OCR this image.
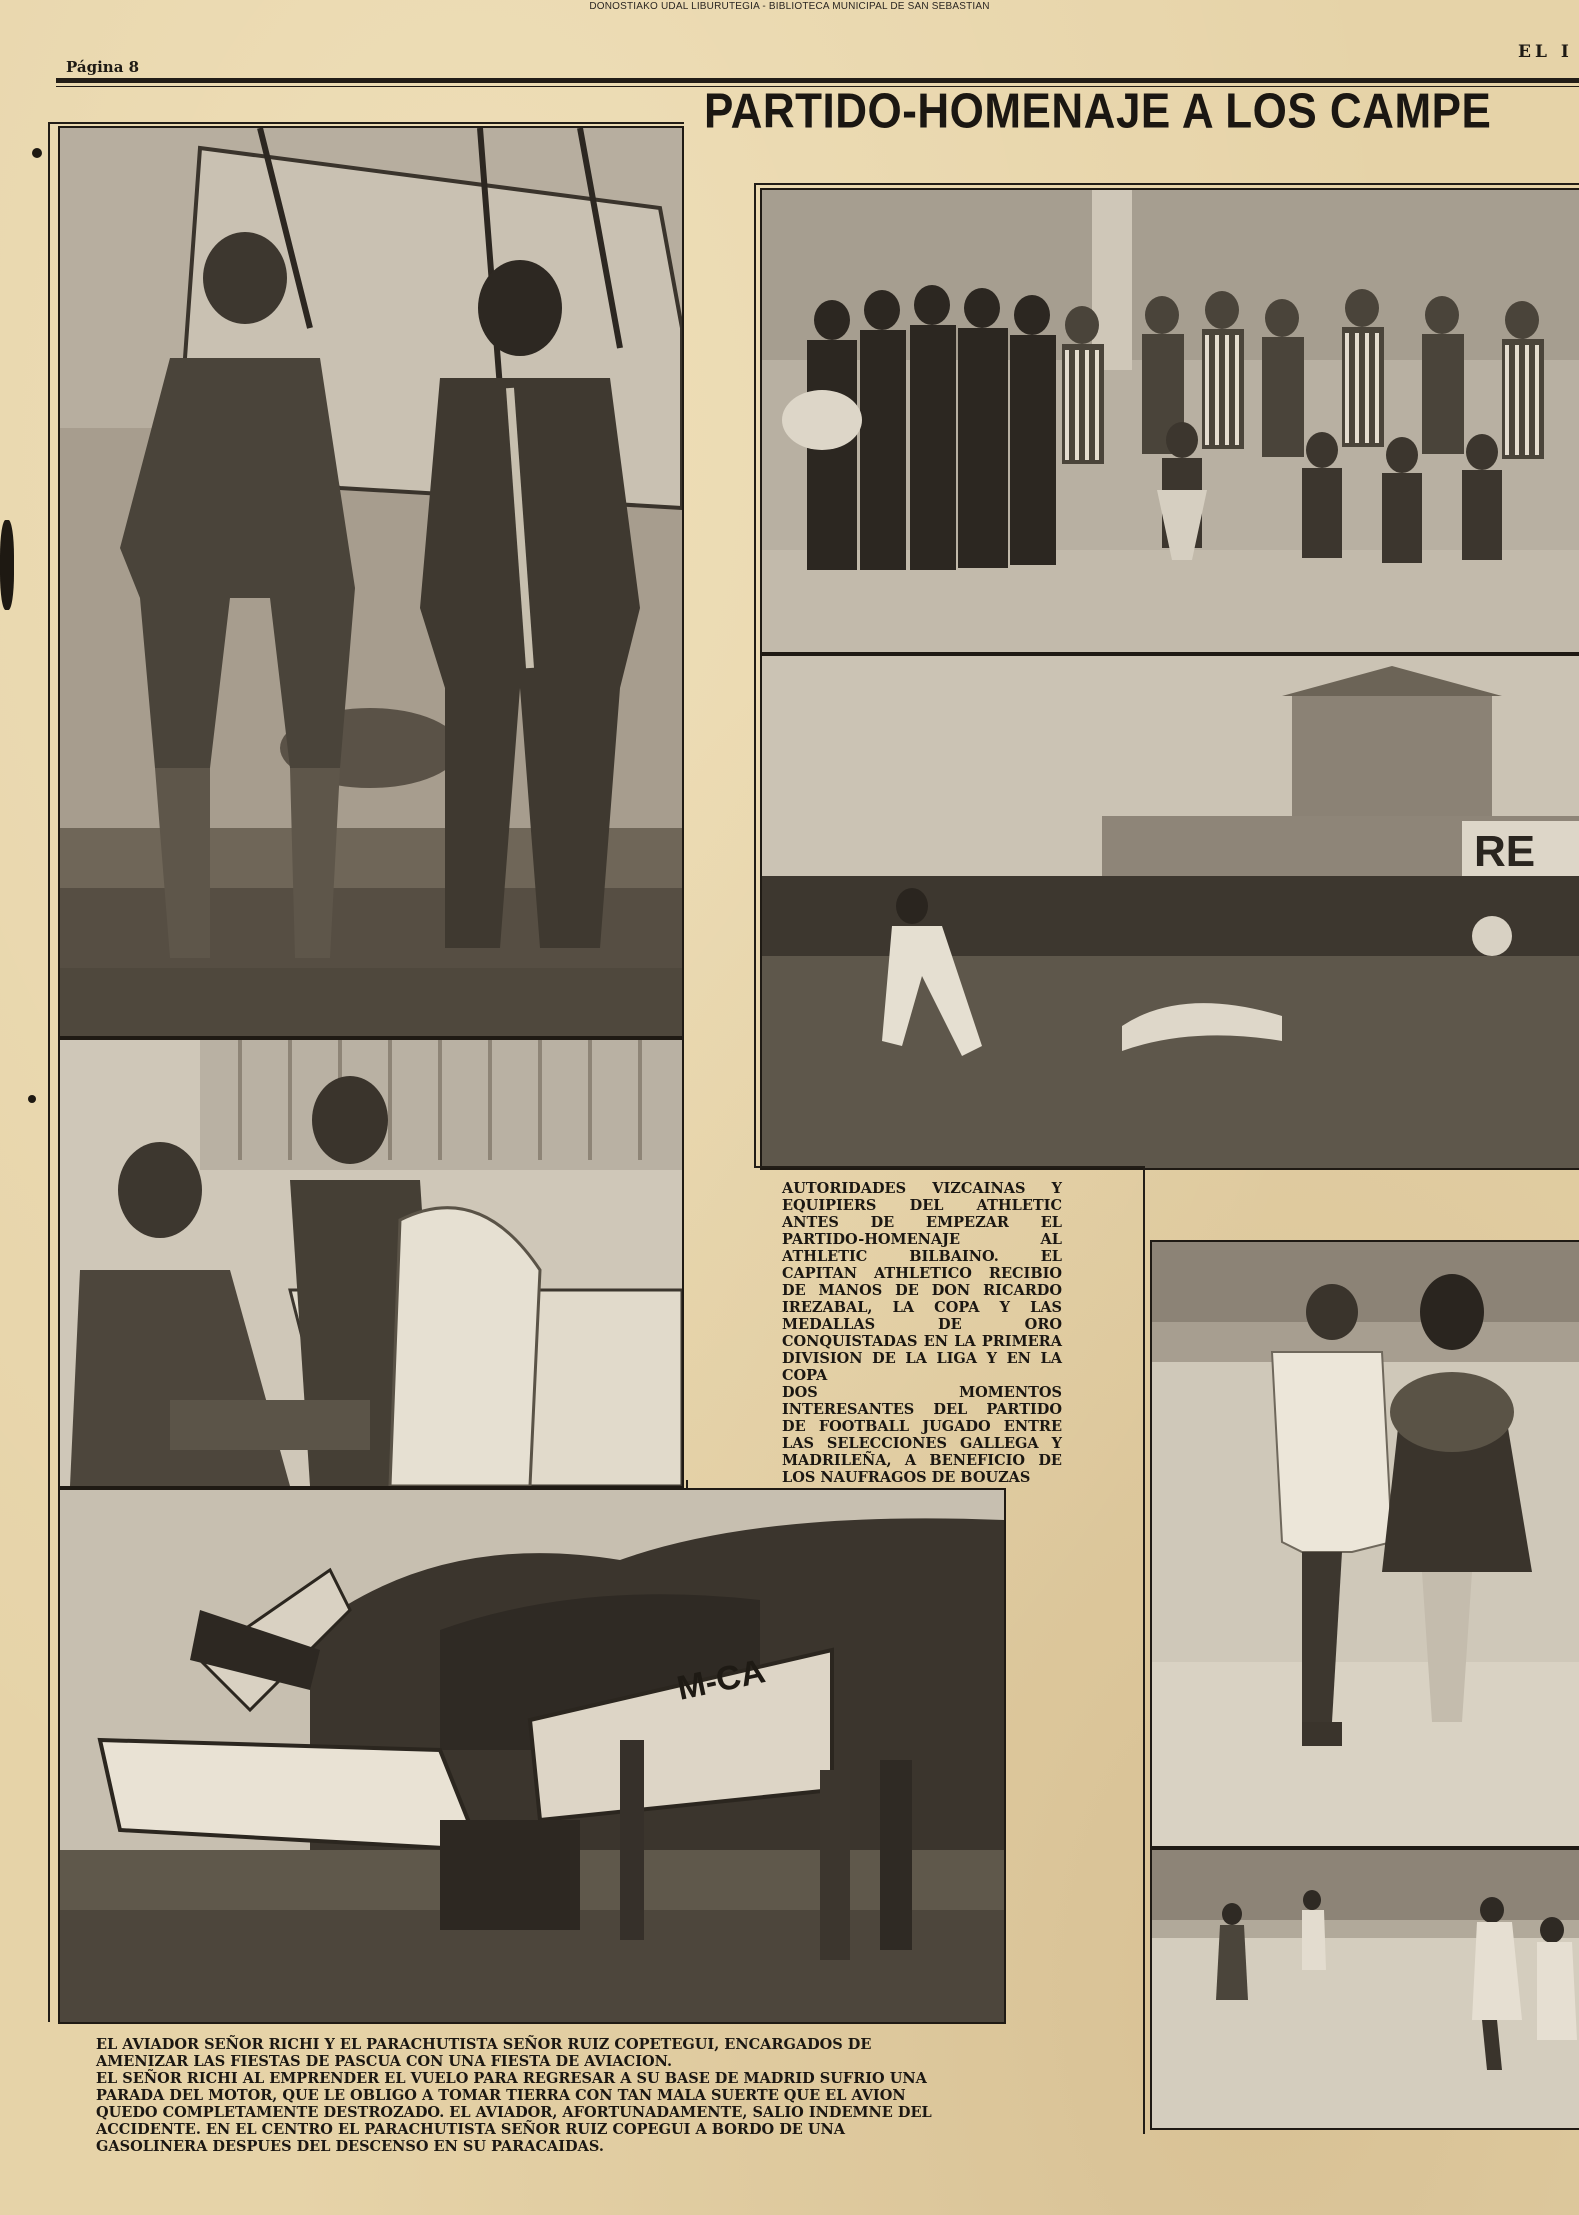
DONOSTIAKO UDAL LIBURUTEGIA - BIBLIOTECA MUNICIPAL DE SAN SEBASTIAN
Página 8
EL I
PARTIDO-HOMENAJE A LOS CAMPE
M-CA
RE

AUTORIDADES VIZCAINAS Y EQUIPIERS DEL ATHLETIC ANTES DE EMPEZAR EL PARTIDO-HOMENAJE AL ATHLETIC BILBAINO. EL CAPITAN ATHLETICO RECIBIO DE MANOS DE DON RICARDO IREZABAL, LA COPA Y LAS MEDALLAS DE ORO CONQUISTADAS EN LA PRIMERA DIVISION DE LA LIGA Y EN LA COPA

DOS MOMENTOS INTERESANTES DEL PARTIDO DE FOOTBALL JUGADO ENTRE LAS SELECCIONES GALLEGA Y MADRILEÑA, A BENEFICIO DE LOS NAUFRAGOS DE BOUZAS

EL AVIADOR SEÑOR RICHI Y EL PARACHUTISTA SEÑOR RUIZ COPETEGUI, ENCARGADOS DE AMENIZAR LAS FIESTAS DE PASCUA CON UNA FIESTA DE AVIACION.

EL SEÑOR RICHI AL EMPRENDER EL VUELO PARA REGRESAR A SU BASE DE MADRID SUFRIO UNA PARADA DEL MOTOR, QUE LE OBLIGO A TOMAR TIERRA CON TAN MALA SUERTE QUE EL AVION QUEDO COMPLETAMENTE DESTROZADO. EL AVIADOR, AFORTUNADAMENTE, SALIO INDEMNE DEL ACCIDENTE. EN EL CENTRO EL PARACHUTISTA SEÑOR RUIZ COPEGUI A BORDO DE UNA GASOLINERA DESPUES DEL DESCENSO EN SU PARACAIDAS.
